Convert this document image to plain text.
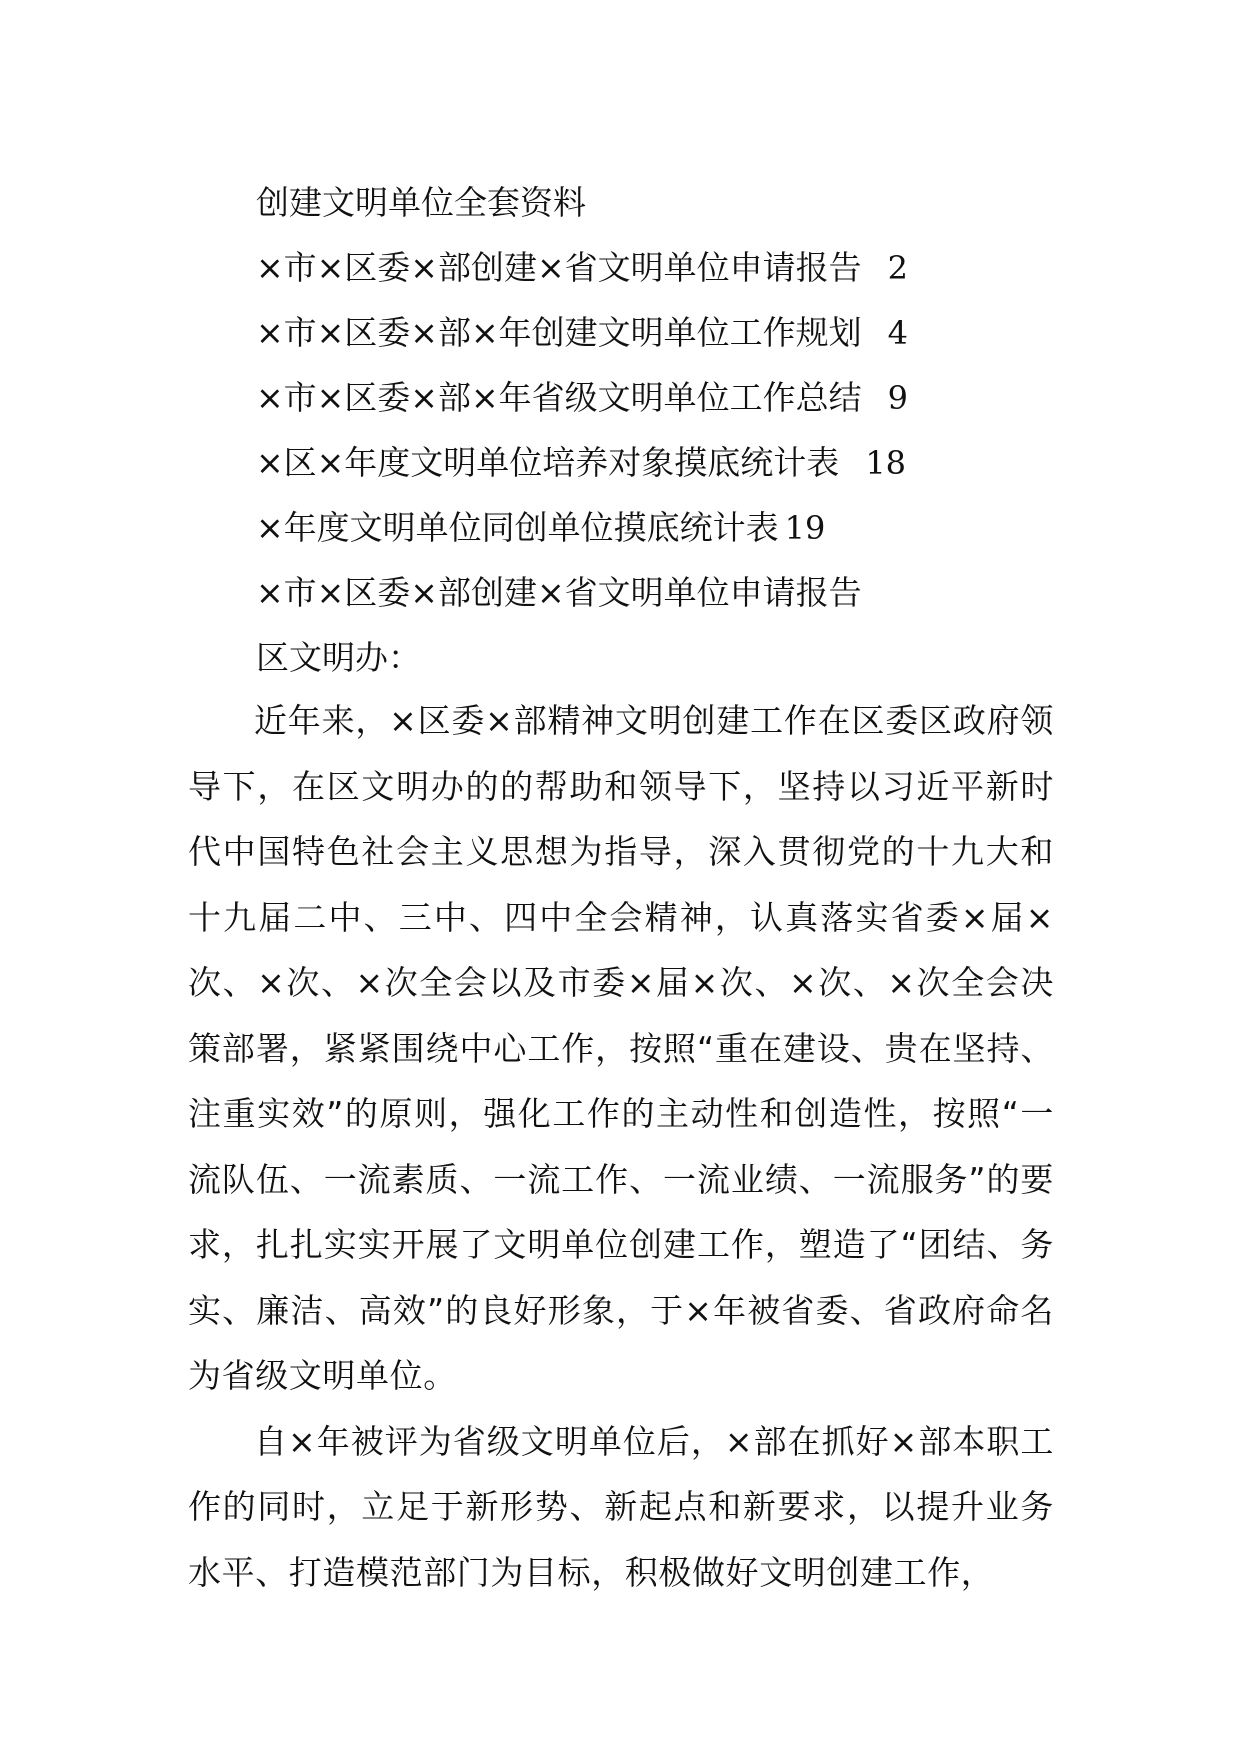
创建文明单位全套资料
×市×区委×部创建×省文明单位申请报告 2
×市×区委×部×年创建文明单位工作规划 4
×市×区委×部×年省级文明单位工作总结 9
×区×年度文明单位培养对象摸底统计表 18
×年度文明单位同创单位摸底统计表 19
×市×区委×部创建×省文明单位申请报告
区文明办：

近年来，×区委×部精神文明创建工作在区委区政府领导下，在区文明办的的帮助和领导下，坚持以习近平新时代中国特色社会主义思想为指导，深入贯彻党的十九大和十九届二中、三中、四中全会精神，认真落实省委×届×次、×次、×次全会以及市委×届×次、×次、×次全会决策部署，紧紧围绕中心工作，按照“重在建设、贵在坚持、注重实效”的原则，强化工作的主动性和创造性，按照“一流队伍、一流素质、一流工作、一流业绩、一流服务”的要求，扎扎实实开展了文明单位创建工作，塑造了“团结、务实、廉洁、高效”的良好形象，于×年被省委、省政府命名为省级文明单位。

自×年被评为省级文明单位后，×部在抓好×部本职工作的同时，立足于新形势、新起点和新要求，以提升业务水平、打造模范部门为目标，积极做好文明创建工作，
